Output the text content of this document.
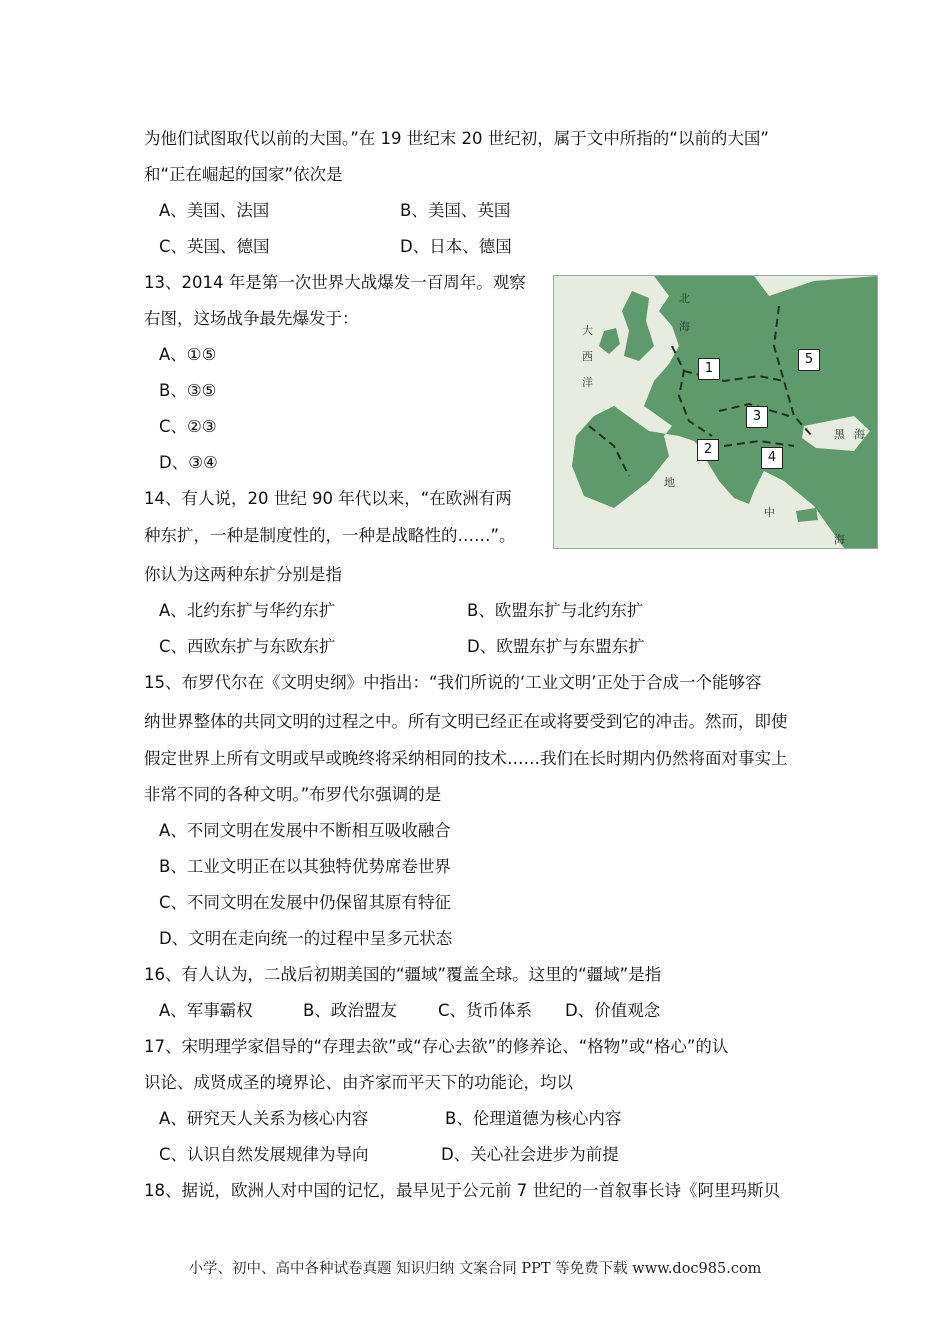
为他们试图取代以前的大国。”在 19 世纪末 20 世纪初，属于文中所指的“以前的大国”
和“正在崛起的国家”依次是
A、美国、法国	B、美国、英国
C、英国、德国	D、日本、德国
13、2014 年是第一次世界大战爆发一百周年。观察
右图，这场战争最先爆发于：
A、①⑤
B、③⑤
C、②③
D、③④
大
西
洋
北
海
黑 海
地
中
海
1
2
3
4
5
14、有人说，20 世纪 90 年代以来，“在欧洲有两
种东扩，一种是制度性的，一种是战略性的……”。
你认为这两种东扩分别是指
A、北约东扩与华约东扩	B、欧盟东扩与北约东扩
C、西欧东扩与东欧东扩	D、欧盟东扩与东盟东扩
15、布罗代尔在《文明史纲》中指出：“我们所说的‘工业文明’正处于合成一个能够容
纳世界整体的共同文明的过程之中。所有文明已经正在或将要受到它的冲击。然而，即使
假定世界上所有文明或早或晚终将采纳相同的技术……我们在长时期内仍然将面对事实上
非常不同的各种文明。”布罗代尔强调的是
A、不同文明在发展中不断相互吸收融合
B、工业文明正在以其独特优势席卷世界
C、不同文明在发展中仍保留其原有特征
D、文明在走向统一的过程中呈多元状态
16、有人认为，二战后初期美国的“疆域”覆盖全球。这里的“疆域”是指
A、军事霸权	B、政治盟友 C、货币体系 D、价值观念
17、宋明理学家倡导的“存理去欲”或“存心去欲”的修养论、“格物”或“格心”的认
识论、成贤成圣的境界论、由齐家而平天下的功能论，均以
A、研究天人关系为核心内容	B、伦理道德为核心内容
C、认识自然发展规律为导向	D、关心社会进步为前提
18、据说，欧洲人对中国的记忆，最早见于公元前 7 世纪的一首叙事长诗《阿里玛斯贝
小学、初中、高中各种试卷真题 知识归纳 文案合同 PPT 等免费下载 www.doc985.com
